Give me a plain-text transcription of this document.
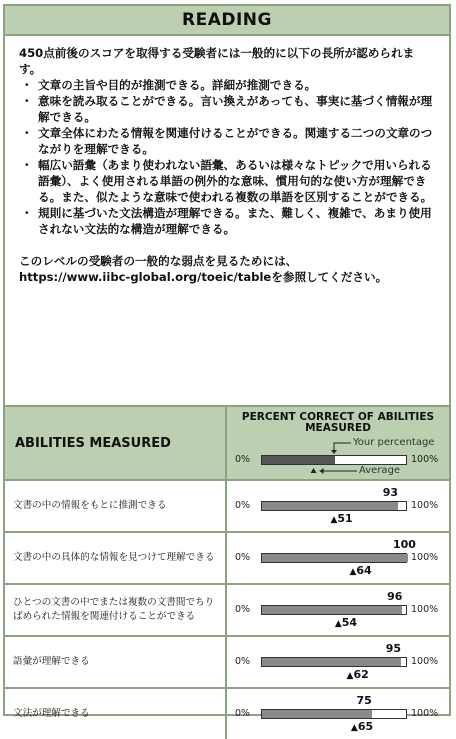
READING

450点前後のスコアを取得する受験者には一般的に以下の長所が認められます。

・ 文章の主旨や目的が推測できる。詳細が推測できる。
・ 意味を読み取ることができる。言い換えがあっても、事実に基づく情報が理解できる。
・ 文章全体にわたる情報を関連付けることができる。関連する二つの文章のつながりを理解できる。
・ 幅広い語彙（あまり使われない語彙、あるいは様々なトピックで用いられる語彙）、よく使用される単語の例外的な意味、慣用句的な使い方が理解できる。また、似たような意味で使われる複数の単語を区別することができる。
・ 規則に基づいた文法構造が理解できる。また、難しく、複雑で、あまり使用されない文法的な構造が理解できる。

このレベルの受験者の一般的な弱点を見るためには、

https://www.iibc-global.org/toeic/tableを参照してください。

ABILITIES MEASURED
PERCENT CORRECT OF ABILITIES MEASURED
0%	100%
Your percentage
Average
文書の中の情報をもとに推測できる
93
0%	100%
▲51
文書の中の具体的な情報を見つけて理解できる
100
0%	100%
▲64
ひとつの文書の中でまたは複数の文書間でちりばめられた情報を関連付けることができる
96
0%	100%
▲54
語彙が理解できる
95
0%	100%
▲62
文法が理解できる
75
0%	100%
▲65
